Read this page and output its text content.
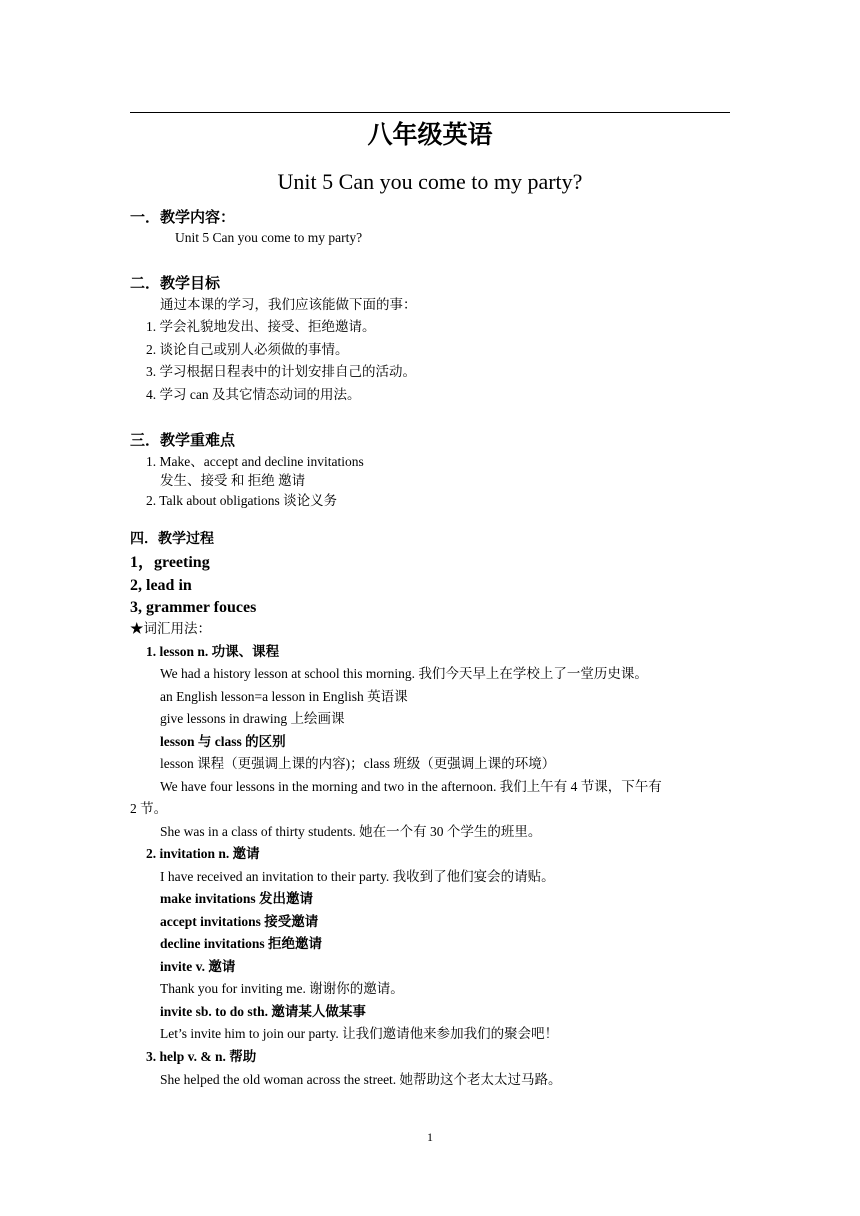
八年级英语
Unit 5 Can you come to my party?
一．教学内容：
Unit 5 Can you come to my party?
二．教学目标
通过本课的学习，我们应该能做下面的事：
1. 学会礼貌地发出、接受、拒绝邀请。
2. 谈论自己或别人必须做的事情。
3. 学习根据日程表中的计划安排自己的活动。
4. 学习 can 及其它情态动词的用法。
三．教学重难点
1. Make、accept and decline invitations
发生、接受 和 拒绝 邀请
2. Talk about obligations 谈论义务
四．教学过程
1，greeting
2, lead in
3, grammer fouces
★词汇用法：
1. lesson n. 功课、课程
We had a history lesson at school this morning. 我们今天早上在学校上了一堂历史课。
an English lesson=a lesson in English 英语课
give lessons in drawing 上绘画课
lesson 与 class 的区别
lesson 课程（更强调上课的内容)；class 班级（更强调上课的环境）
We have four lessons in the morning and two in the afternoon. 我们上午有 4 节课，下午有
2 节。
She was in a class of thirty students. 她在一个有 30 个学生的班里。
2. invitation n. 邀请
I have received an invitation to their party. 我收到了他们宴会的请贴。
make invitations 发出邀请
accept invitations 接受邀请
decline invitations 拒绝邀请
invite v. 邀请
Thank you for inviting me. 谢谢你的邀请。
invite sb. to do sth. 邀请某人做某事
Let’s invite him to join our party. 让我们邀请他来参加我们的聚会吧！
3. help v. & n. 帮助
She helped the old woman across the street. 她帮助这个老太太过马路。
1
